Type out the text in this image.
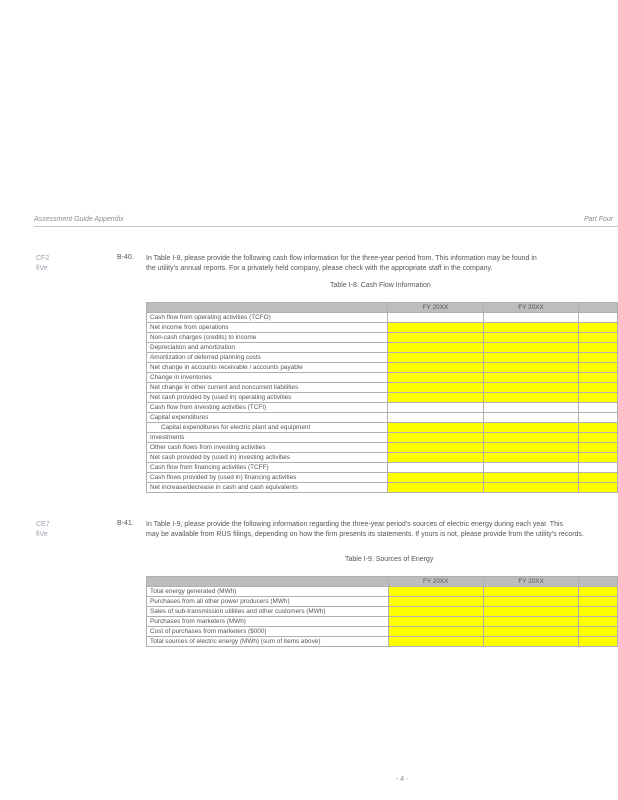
Assessment Guide Appendix	Part Four
CF2
fiVe
B-40. In Table I-8, please provide the following cash flow information for the three-year period from. This information may be found in
the utility's annual reports. For a privately held company, please check with the appropriate staff in the company.
Table I-8. Cash Flow Information
	FY 20XX	FY 20XX	
Cash flow from operating activities (TCFO)			
Net income from operations			
Non-cash charges (credits) to income			
Depreciation and amortization			
Amortization of deferred planning costs			
Net change in accounts receivable / accounts payable			
Change in inventories			
Net change in other current and noncurrent liabilities			
Net cash provided by (used in) operating activities			
Cash flow from investing activities (TCFI)			
Capital expenditures			
Capital expenditures for electric plant and equipment			
Investments			
Other cash flows from investing activities			
Net cash provided by (used in) investing activities			
Cash flow from financing activities (TCFF)			
Cash flows provided by (used in) financing activities			
Net increase/decrease in cash and cash equivalents			
CE7
fiVe
B-41. In Table I-9, please provide the following information regarding the three-year period's sources of electric energy during each year. This
may be available from RUS filings, depending on how the firm presents its statements. If yours is not, please provide from the utility's records.
Table I-9. Sources of Energy
	FY 20XX	FY 20XX	
Total energy generated (MWh)			
Purchases from all other power producers (MWh)			
Sales of sub-transmission utilities and other customers (MWh)			
Purchases from marketers (MWh)			
Cost of purchases from marketers ($000)			
Total sources of electric energy (MWh) (sum of items above)			
- 4 -
